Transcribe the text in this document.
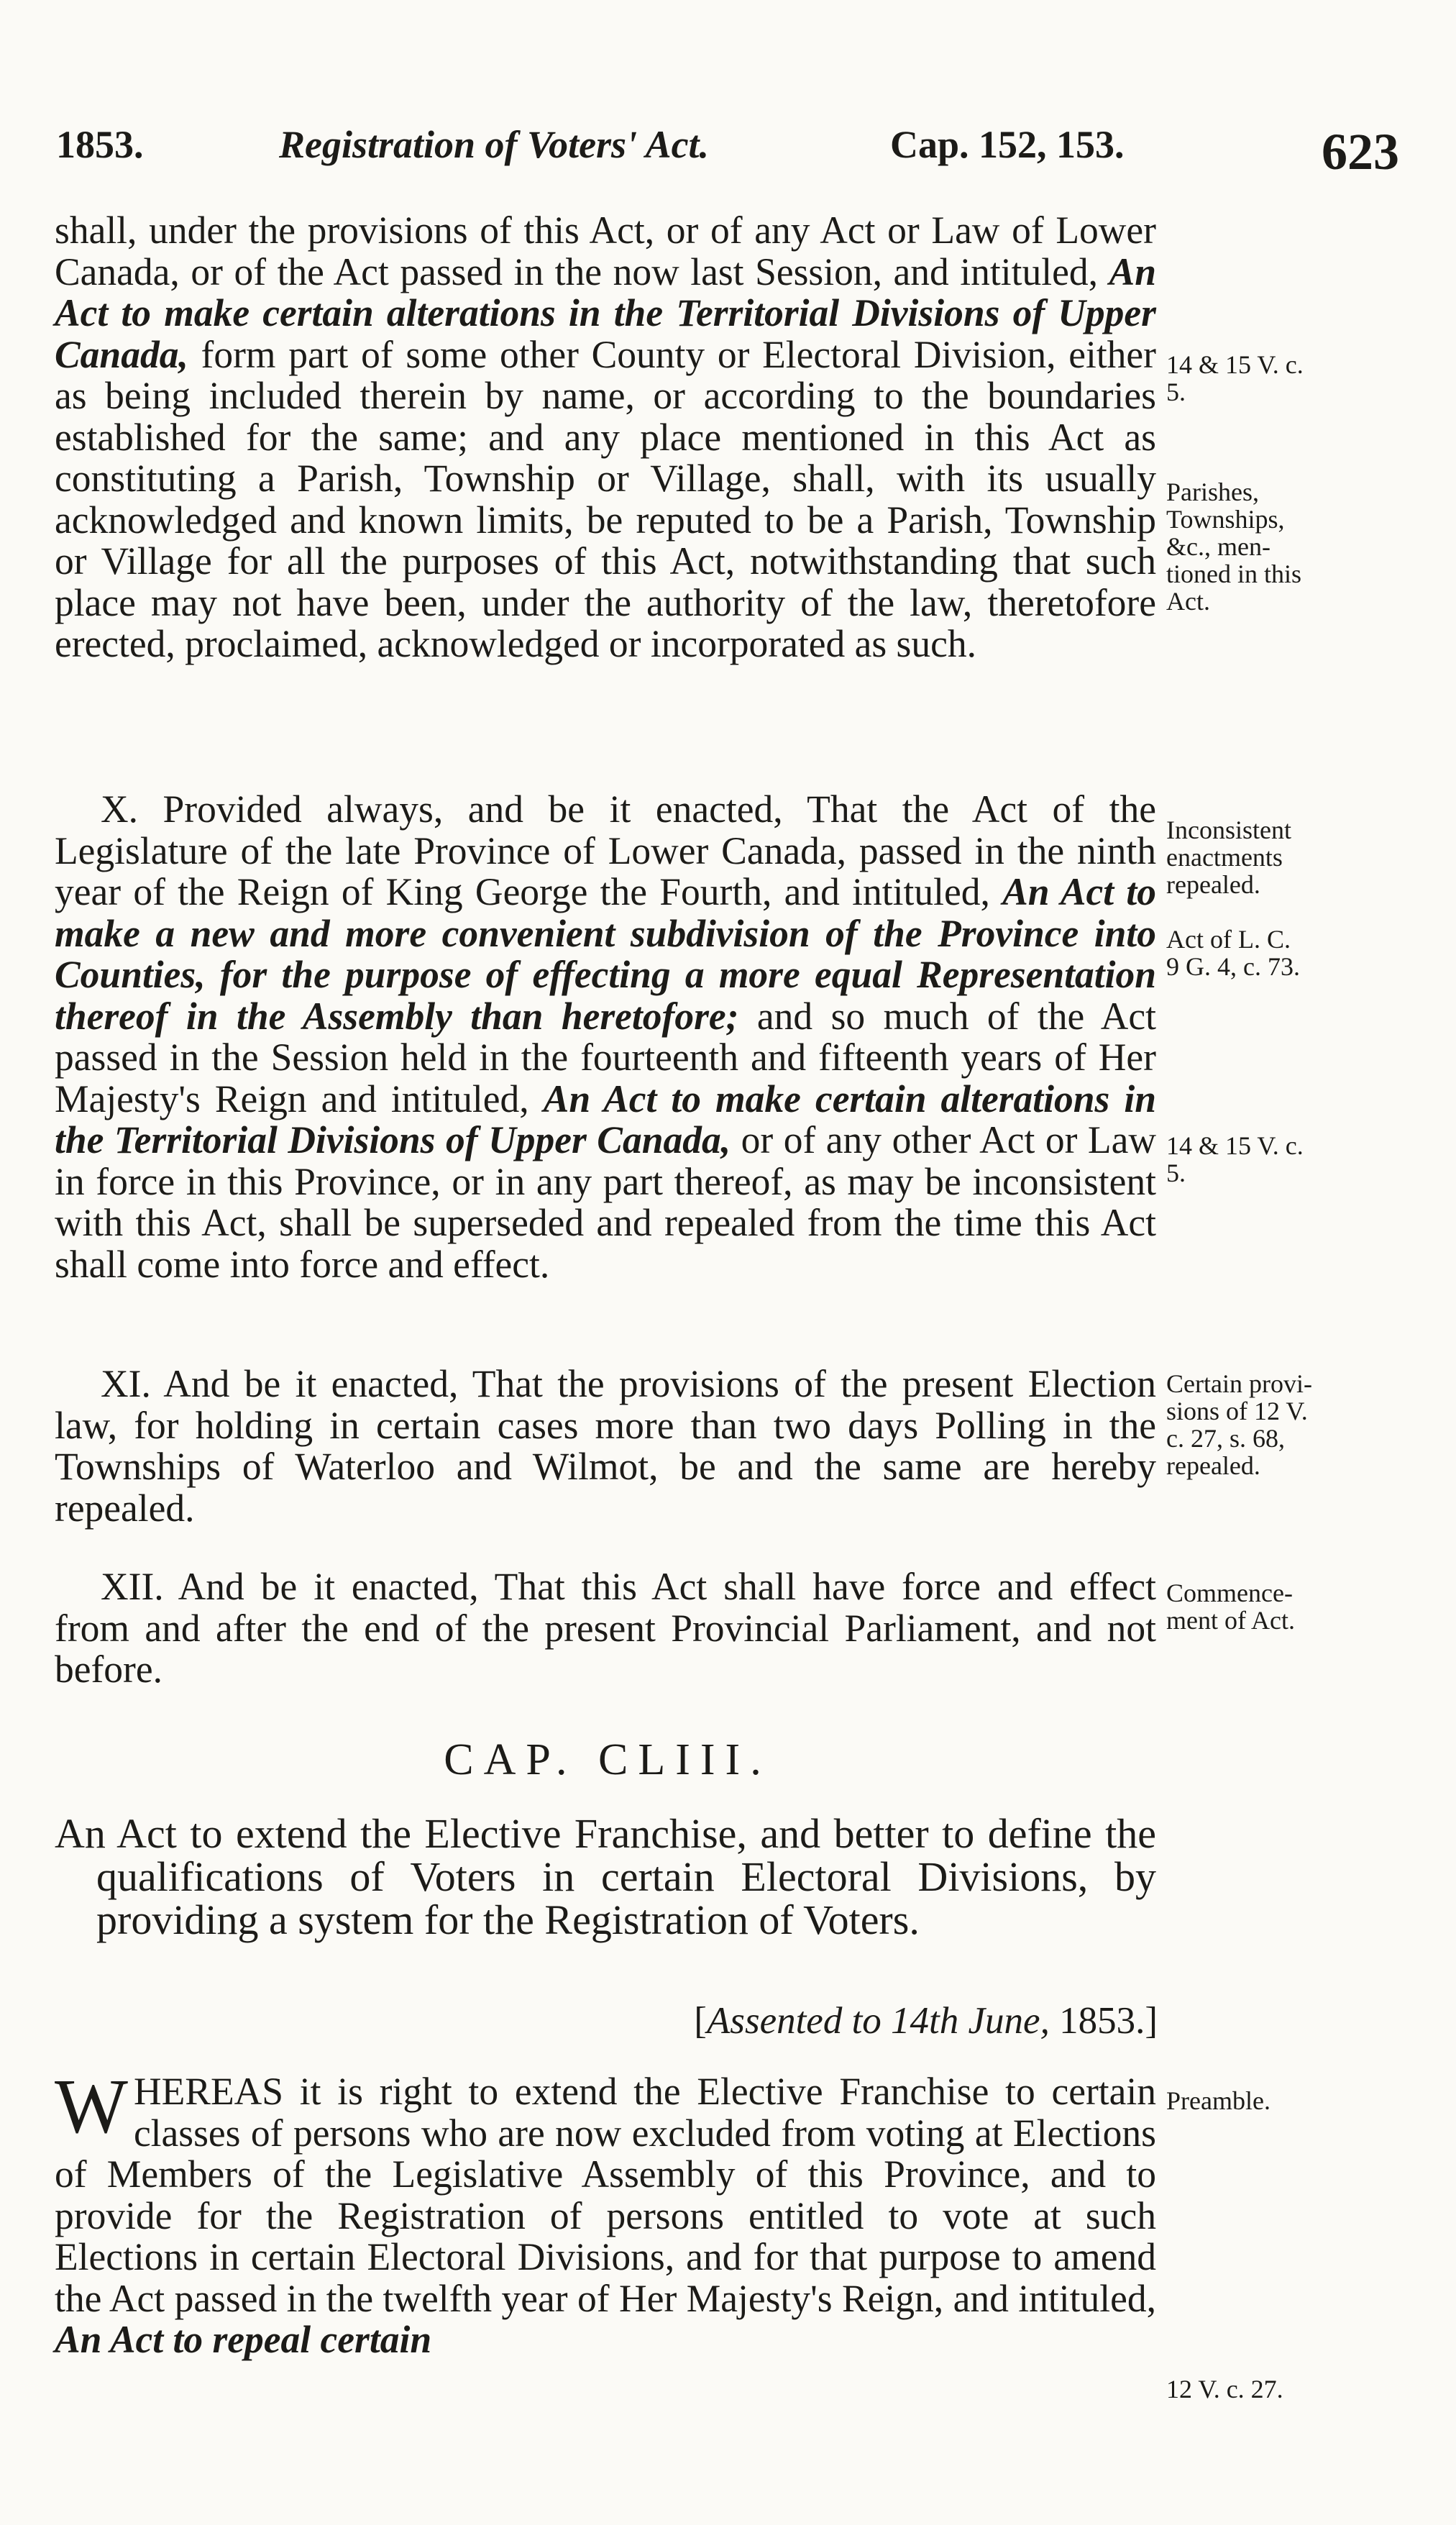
1853.	Registration of Voters' Act.	Cap. 152, 153.	623
shall, under the provisions of this Act, or of any Act or Law of Lower Canada, or of the Act passed in the now last Session, and intituled, An Act to make certain alterations in the Territorial Divisions of Upper Canada, form part of some other County or Electoral Division, either as being included therein by name, or according to the boundaries established for the same; and any place mentioned in this Act as constituting a Parish, Township or Village, shall, with its usually acknowledged and known limits, be reputed to be a Parish, Township or Village for all the purposes of this Act, notwithstanding that such place may not have been, under the authority of the law, theretofore erected, proclaimed, acknowledged or incorporated as such.
X. Provided always, and be it enacted, That the Act of the Legislature of the late Province of Lower Canada, passed in the ninth year of the Reign of King George the Fourth, and intituled, An Act to make a new and more convenient subdivision of the Province into Counties, for the purpose of effecting a more equal Representation thereof in the Assembly than heretofore; and so much of the Act passed in the Session held in the fourteenth and fifteenth years of Her Majesty's Reign and intituled, An Act to make certain alterations in the Territorial Divisions of Upper Canada, or of any other Act or Law in force in this Province, or in any part thereof, as may be inconsistent with this Act, shall be superseded and repealed from the time this Act shall come into force and effect.
XI. And be it enacted, That the provisions of the present Election law, for holding in certain cases more than two days Polling in the Townships of Waterloo and Wilmot, be and the same are hereby repealed.
XII. And be it enacted, That this Act shall have force and effect from and after the end of the present Provincial Parliament, and not before.
CAP. CLIII.
An Act to extend the Elective Franchise, and better to define the qualifications of Voters in certain Electoral Divisions, by providing a system for the Registration of Voters.
[Assented to 14th June, 1853.]
WHEREAS it is right to extend the Elective Franchise to certain classes of persons who are now excluded from voting at Elections of Members of the Legislative Assembly of this Province, and to provide for the Registration of persons entitled to vote at such Elections in certain Electoral Divisions, and for that purpose to amend the Act passed in the twelfth year of Her Majesty's Reign, and intituled, An Act to repeal certain
14 & 15 V. c.
5.
Parishes,
Townships,
&c., men-
tioned in this
Act.
Inconsistent
enactments
repealed.
Act of L. C.
9 G. 4, c. 73.
14 & 15 V. c.
5.
Certain provi-
sions of 12 V.
c. 27, s. 68,
repealed.
Commence-
ment of Act.
Preamble.
12 V. c. 27.
